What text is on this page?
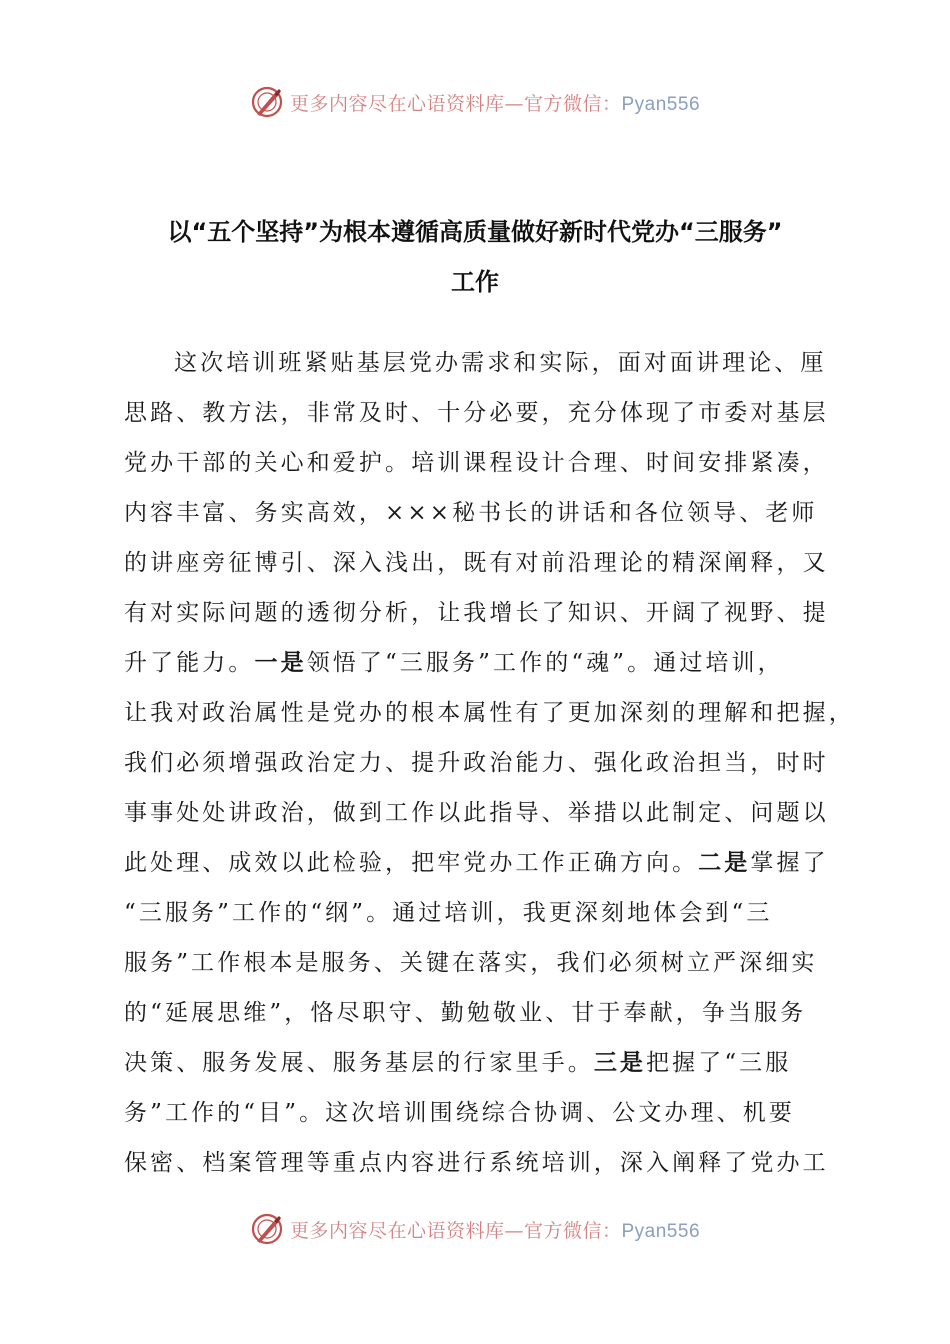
更多内容尽在心语资料库—官方微信：Pyan556
以“五个坚持”为根本遵循高质量做好新时代党办“三服务”
工作
这次培训班紧贴基层党办需求和实际，面对面讲理论、厘
思路、教方法，非常及时、十分必要，充分体现了市委对基层
党办干部的关心和爱护。培训课程设计合理、时间安排紧凑，
内容丰富、务实高效，×××秘书长的讲话和各位领导、老师
的讲座旁征博引、深入浅出，既有对前沿理论的精深阐释，又
有对实际问题的透彻分析，让我增长了知识、开阔了视野、提
升了能力。一是领悟了“三服务”工作的“魂”。通过培训，
让我对政治属性是党办的根本属性有了更加深刻的理解和把握，
我们必须增强政治定力、提升政治能力、强化政治担当，时时
事事处处讲政治，做到工作以此指导、举措以此制定、问题以
此处理、成效以此检验，把牢党办工作正确方向。二是掌握了
“三服务”工作的“纲”。通过培训，我更深刻地体会到“三
服务”工作根本是服务、关键在落实，我们必须树立严深细实
的“延展思维”，恪尽职守、勤勉敬业、甘于奉献，争当服务
决策、服务发展、服务基层的行家里手。三是把握了“三服
务”工作的“目”。这次培训围绕综合协调、公文办理、机要
保密、档案管理等重点内容进行系统培训，深入阐释了党办工
更多内容尽在心语资料库—官方微信：Pyan556
